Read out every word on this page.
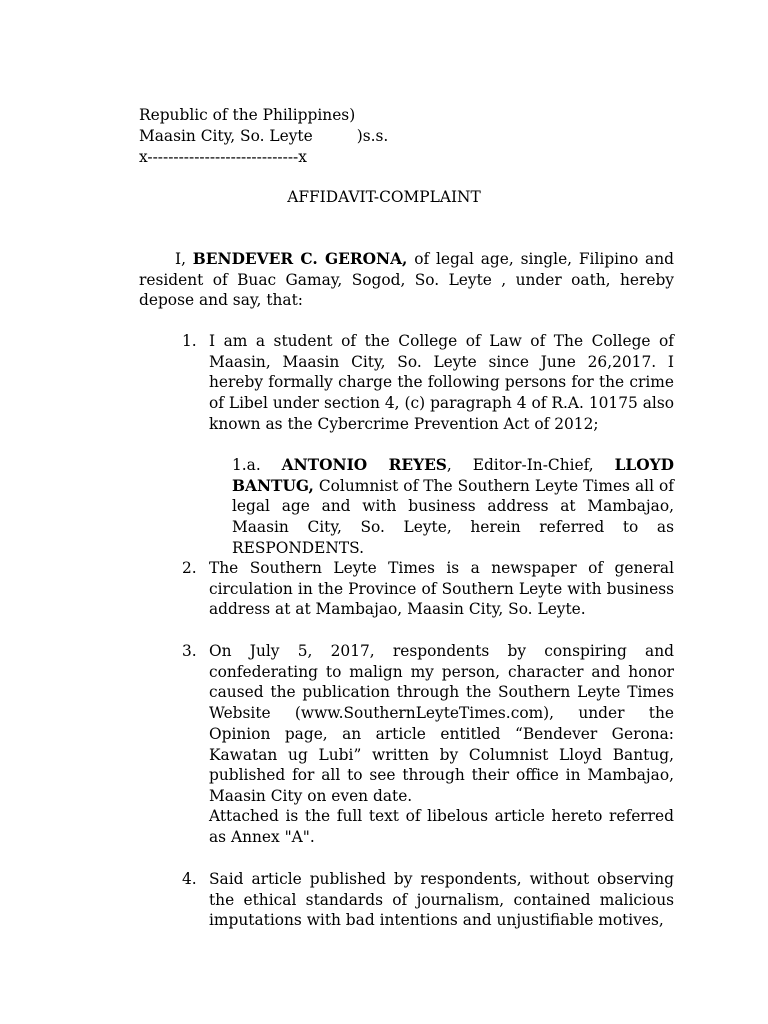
Republic of the Philippines)
Maasin City, So. Leyte         )s.s.
x-----------------------------x
AFFIDAVIT-COMPLAINT

I, BENDEVER C. GERONA, of legal age, single, Filipino and resident of Buac Gamay, Sogod, So. Leyte , under oath, hereby depose and say, that:

1. I am a student of the College of Law of The College of Maasin, Maasin City, So. Leyte since June 26,2017. I hereby formally charge the following persons for the crime of Libel under section 4, (c) paragraph 4 of R.A. 10175 also known as the Cybercrime Prevention Act of 2012;

1.a. ANTONIO REYES, Editor-In-Chief, LLOYD BANTUG, Columnist of The Southern Leyte Times all of legal age and with business address at Mambajao, Maasin City, So. Leyte, herein referred to as RESPONDENTS.

2. The Southern Leyte Times is a newspaper of general circulation in the Province of Southern Leyte with business address at at Mambajao, Maasin City, So. Leyte.

3. On July 5, 2017, respondents by conspiring and confederating to malign my person, character and honor caused the publication through the Southern Leyte Times Website (www.SouthernLeyteTimes.com), under the Opinion page, an article entitled “Bendever Gerona: Kawatan ug Lubi” written by Columnist Lloyd Bantug, published for all to see through their office in Mambajao, Maasin City on even date.

Attached is the full text of libelous article hereto referred as Annex "A".

4. Said article published by respondents, without observing the ethical standards of journalism, contained malicious imputations with bad intentions and unjustifiable motives,
